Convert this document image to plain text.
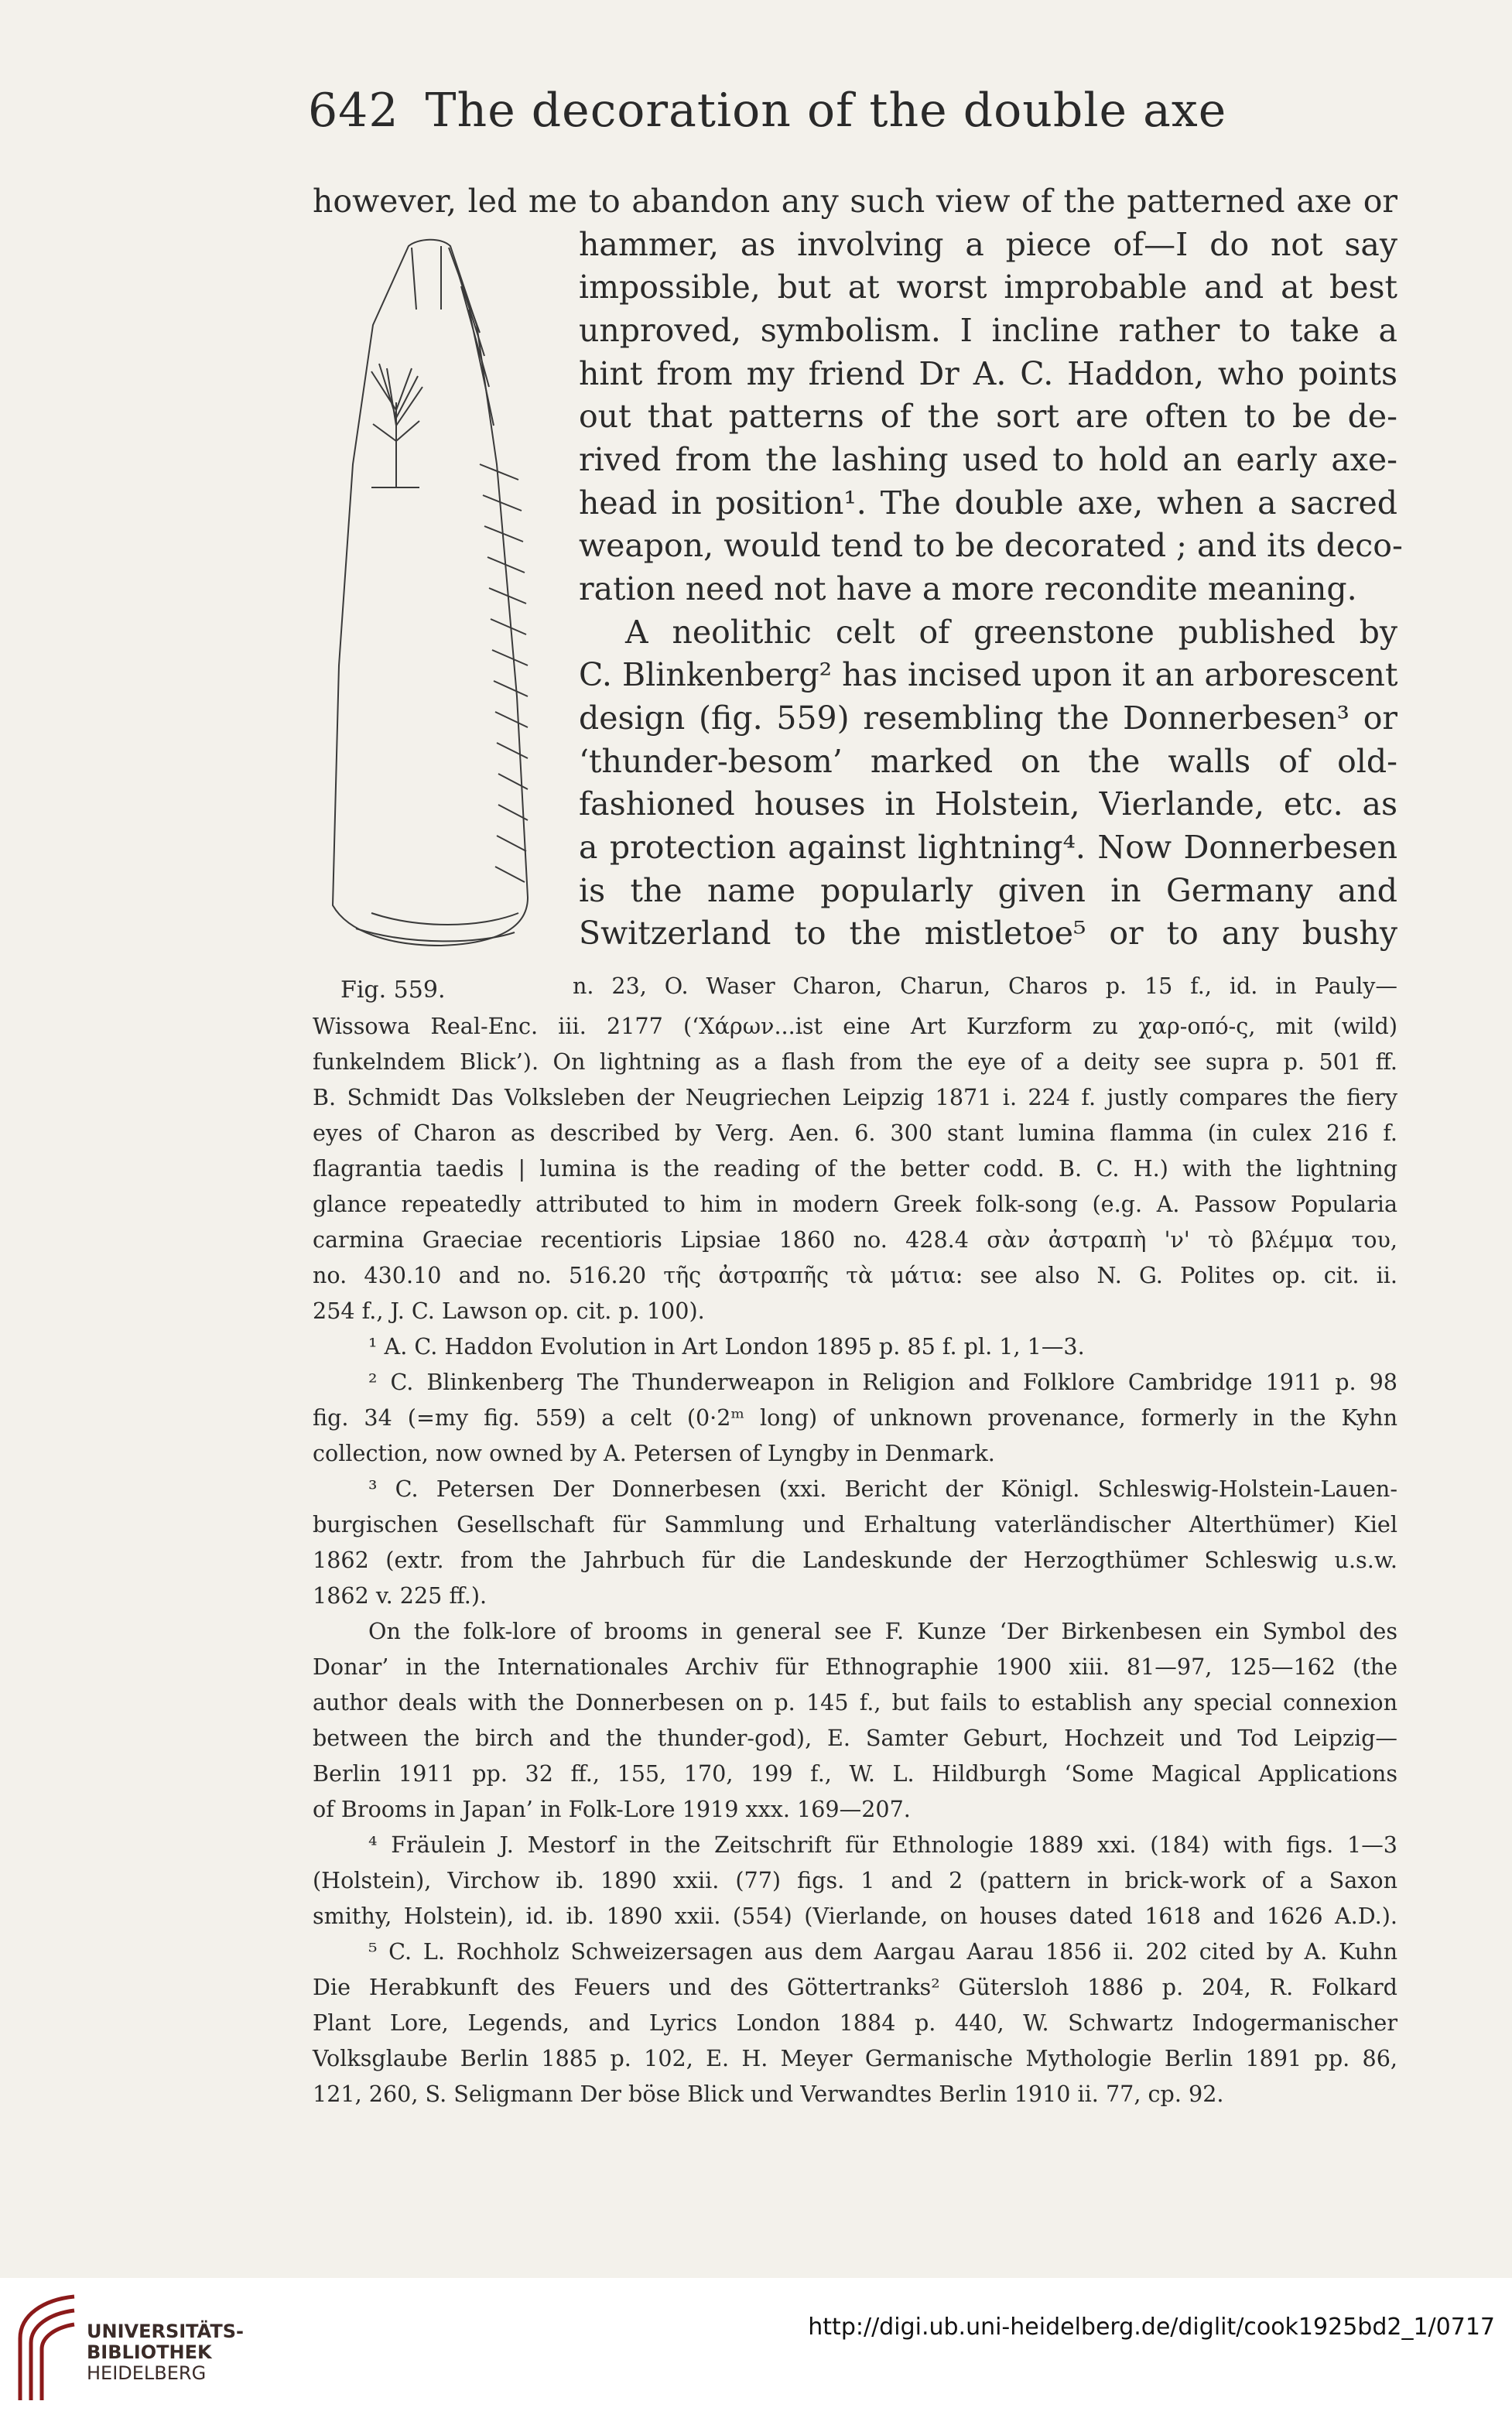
642 The decoration of the double axe
Fig. 559.
however, led me to abandon any such view of the patterned axe or
hammer, as involving a piece of—I do not say
impossible, but at worst improbable and at best
unproved, symbolism. I incline rather to take a
hint from my friend Dr A. C. Haddon, who points
out that patterns of the sort are often to be de-
rived from the lashing used to hold an early axe-
head in position¹. The double axe, when a sacred
weapon, would tend to be decorated ; and its deco-
ration need not have a more recondite meaning.
A neolithic celt of greenstone published by
C. Blinkenberg² has incised upon it an arborescent
design (fig. 559) resembling the Donnerbesen³ or
‘thunder-besom’ marked on the walls of old-
fashioned houses in Holstein, Vierlande, etc. as
a protection against lightning⁴. Now Donnerbesen
is the name popularly given in Germany and
Switzerland to the mistletoe⁵ or to any bushy
n. 23, O. Waser Charon, Charun, Charos p. 15 f., id. in Pauly—
Wissowa Real-Enc. iii. 2177 (‘Χάρων...ist eine Art Kurzform zu χαρ-οπό-ς, mit (wild)
funkelndem Blick’). On lightning as a flash from the eye of a deity see supra p. 501 ff.
B. Schmidt Das Volksleben der Neugriechen Leipzig 1871 i. 224 f. justly compares the fiery
eyes of Charon as described by Verg. Aen. 6. 300 stant lumina flamma (in culex 216 f.
flagrantia taedis | lumina is the reading of the better codd. B. C. H.) with the lightning
glance repeatedly attributed to him in modern Greek folk-song (e.g. A. Passow Popularia
carmina Graeciae recentioris Lipsiae 1860 no. 428.4 σὰν ἀστραπὴ 'ν' τὸ βλέμμα του,
no. 430.10 and no. 516.20 τῆς ἀστραπῆς τὰ μάτια: see also N. G. Polites op. cit. ii.
254 f., J. C. Lawson op. cit. p. 100).
¹ A. C. Haddon Evolution in Art London 1895 p. 85 f. pl. 1, 1—3.
² C. Blinkenberg The Thunderweapon in Religion and Folklore Cambridge 1911 p. 98
fig. 34 (=my fig. 559) a celt (0·2ᵐ long) of unknown provenance, formerly in the Kyhn
collection, now owned by A. Petersen of Lyngby in Denmark.
³ C. Petersen Der Donnerbesen (xxi. Bericht der Königl. Schleswig-Holstein-Lauen-
burgischen Gesellschaft für Sammlung und Erhaltung vaterländischer Alterthümer) Kiel
1862 (extr. from the Jahrbuch für die Landeskunde der Herzogthümer Schleswig u.s.w.
1862 v. 225 ff.).
On the folk-lore of brooms in general see F. Kunze ‘Der Birkenbesen ein Symbol des
Donar’ in the Internationales Archiv für Ethnographie 1900 xiii. 81—97, 125—162 (the
author deals with the Donnerbesen on p. 145 f., but fails to establish any special connexion
between the birch and the thunder-god), E. Samter Geburt, Hochzeit und Tod Leipzig—
Berlin 1911 pp. 32 ff., 155, 170, 199 f., W. L. Hildburgh ‘Some Magical Applications
of Brooms in Japan’ in Folk-Lore 1919 xxx. 169—207.
⁴ Fräulein J. Mestorf in the Zeitschrift für Ethnologie 1889 xxi. (184) with figs. 1—3
(Holstein), Virchow ib. 1890 xxii. (77) figs. 1 and 2 (pattern in brick-work of a Saxon
smithy, Holstein), id. ib. 1890 xxii. (554) (Vierlande, on houses dated 1618 and 1626 A.D.).
⁵ C. L. Rochholz Schweizersagen aus dem Aargau Aarau 1856 ii. 202 cited by A. Kuhn
Die Herabkunft des Feuers und des Göttertranks² Gütersloh 1886 p. 204, R. Folkard
Plant Lore, Legends, and Lyrics London 1884 p. 440, W. Schwartz Indogermanischer
Volksglaube Berlin 1885 p. 102, E. H. Meyer Germanische Mythologie Berlin 1891 pp. 86,
121, 260, S. Seligmann Der böse Blick und Verwandtes Berlin 1910 ii. 77, cp. 92.
UNIVERSITÄTS-
BIBLIOTHEK
HEIDELBERG
http://digi.ub.uni-heidelberg.de/diglit/cook1925bd2_1/0717
